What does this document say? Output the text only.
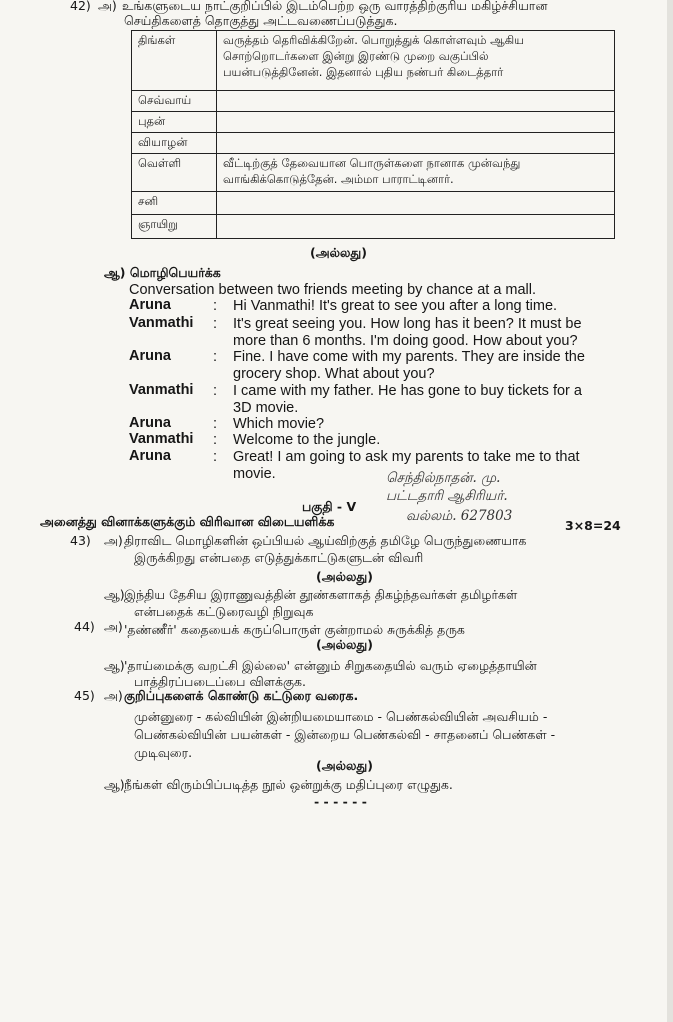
42) அ) உங்களுடைய நாட்குறிப்பில் இடம்பெற்ற ஒரு வாரத்திற்குரிய மகிழ்ச்சியான
செய்திகளைத் தொகுத்து அட்டவணைப்படுத்துக.
திங்கள்	வருத்தம் தெரிவிக்கிறேன். பொறுத்துக் கொள்ளவும் ஆகிய
சொற்றொடர்களை இன்று இரண்டு முறை வகுப்பில்
பயன்படுத்தினேன். இதனால் புதிய நண்பர் கிடைத்தார்

செவ்வாய்	
புதன்	
வியாழன்	
வெள்ளி	வீட்டிற்குத் தேவையான பொருள்களை நானாக முன்வந்து
வாங்கிக்கொடுத்தேன். அம்மா பாராட்டினார்.

சனி	
ஞாயிறு	
(அல்லது)
ஆ) மொழிபெயர்க்க
Conversation between two friends meeting by chance at a mall.
Aruna	: Hi Vanmathi! It's great to see you after a long time.
Vanmathi : It's great seeing you. How long has it been? It must be
more than 6 months. I'm doing good. How about you?
Aruna	: Fine. I have come with my parents. They are inside the
grocery shop. What about you?
Vanmathi : I came with my father. He has gone to buy tickets for a
3D movie.
Aruna	: Which movie?
Vanmathi : Welcome to the jungle.
Aruna	: Great! I am going to ask my parents to take me to that
movie.
பகுதி - V
அனைத்து வினாக்களுக்கும் விரிவான விடையளிக்க	3×8=24
செந்தில்நாதன். மு.
பட்டதாரி ஆசிரியர்.
வல்லம். 627803
43) அ) திராவிட மொழிகளின் ஒப்பியல் ஆய்விற்குத் தமிழே பெருந்துணையாக
இருக்கிறது என்பதை எடுத்துக்காட்டுகளுடன் விவரி
(அல்லது)
ஆ) இந்திய தேசிய இராணுவத்தின் தூண்களாகத் திகழ்ந்தவர்கள் தமிழர்கள்
என்பதைக் கட்டுரைவழி நிறுவுக
44) அ) 'தண்ணீர்' கதையைக் கருப்பொருள் குன்றாமல் சுருக்கித் தருக
(அல்லது)
ஆ) 'தாய்மைக்கு வறட்சி இல்லை' என்னும் சிறுகதையில் வரும் ஏழைத்தாயின்
பாத்திரப்படைப்பை விளக்குக.
45) அ) குறிப்புகளைக் கொண்டு கட்டுரை வரைக.
முன்னுரை - கல்வியின் இன்றியமையாமை - பெண்கல்வியின் அவசியம் -
பெண்கல்வியின் பயன்கள் - இன்றைய பெண்கல்வி - சாதனைப் பெண்கள் -
முடிவுரை.
(அல்லது)
ஆ) நீங்கள் விரும்பிப்படித்த நூல் ஒன்றுக்கு மதிப்புரை எழுதுக.
- - - - - -
